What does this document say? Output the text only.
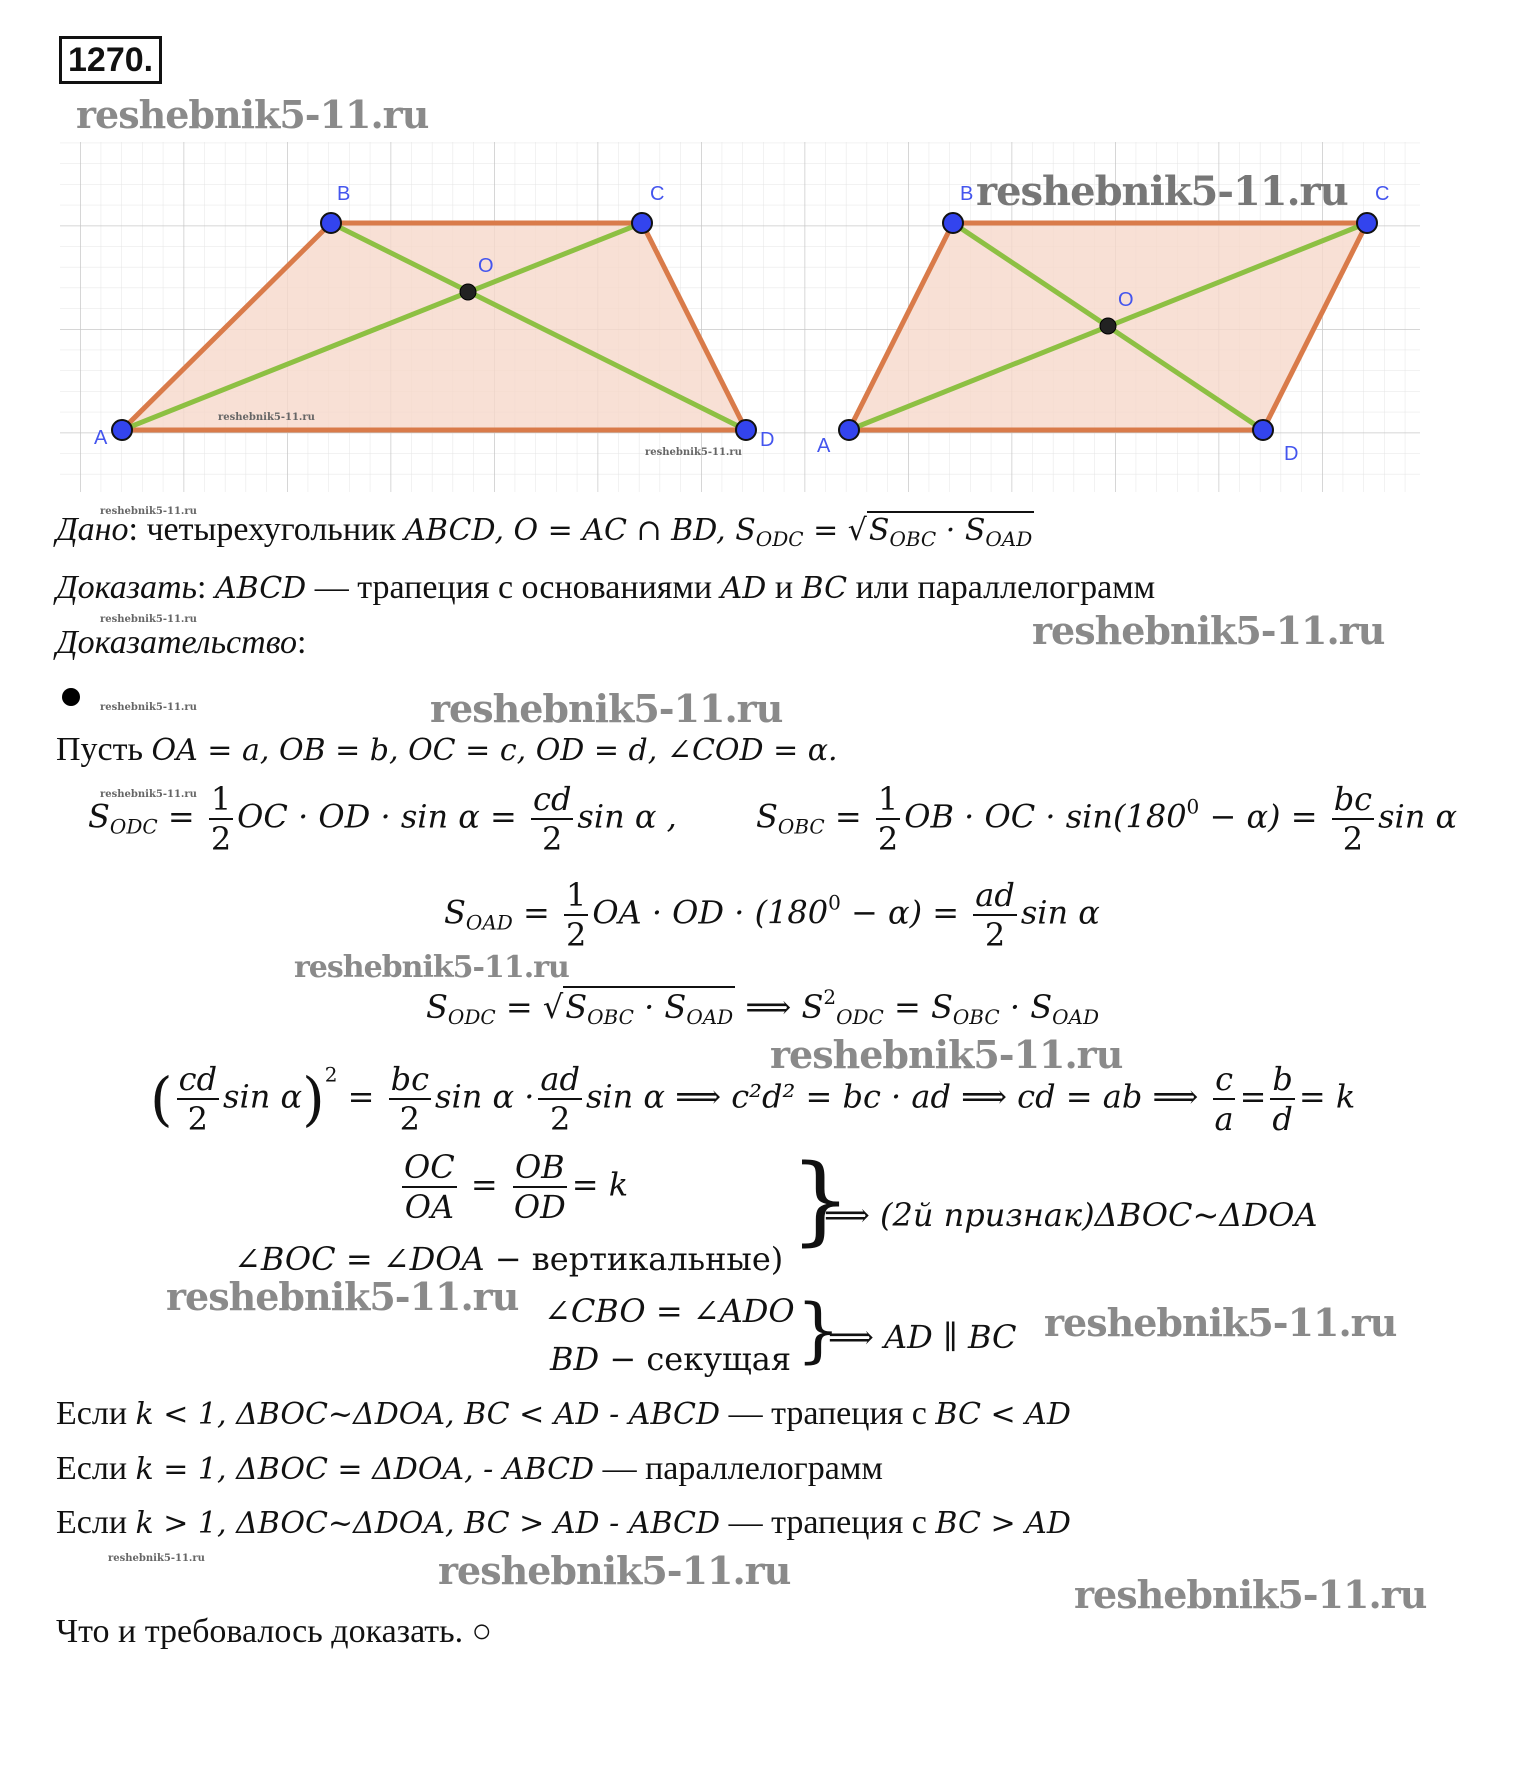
1270.
reshebnik5-11.ru
A
B	C
D
O
A
B	C
D
O
reshebnik5-11.ru
reshebnik5-11.ru
reshebnik5-11.ru
reshebnik5-11.ru
Дано: четырехугольник ABCD, O = AC ∩ BD, $S_{ODC} = √S_{OBC} \cdot S_{OAD}$
Доказать: ABCD — трапеция с основаниями AD и BC или параллелограмм
reshebnik5-11.ru
Доказательство:	reshebnik5-11.ru
reshebnik5-11.ru	reshebnik5-11.ru
Пусть OA = a, OB = b, OC = c, OD = d, ∠COD = α.
reshebnik5-11.ru
$S_{ODC} = \frac{1}{2}$ OC · OD · $\sin \alpha = \frac{cd}{2}$ sin α , $S_{OBC} = \frac{1}{2}$ OB · OC · $\sin(180^0 - \alpha) = \frac{bc}{2}$ sin α
$S_{OAD} = \frac{1}{2}$ OA · OD · $(180^0 - \alpha) = \frac{ad}{2}$ sin α
reshebnik5-11.ru
$S_{ODC} = √S_{OBC} \cdot S_{OAD}$ ⟹ $S^2_{ODC} = S_{OBC} \cdot S_{OAD}$
reshebnik5-11.ru
( $\frac{cd}{2}$ $\sin \alpha)^2 = \frac{bc}{2}$ $\sin \alpha \cdot \frac{ad}{2}$ sin α ⟹ c²d² = bc · ad ⟹ cd = ab ⟹ $\frac{c}{a} = \frac{b}{d} = k$
$\frac{OC}{OA} = \frac{OB}{OD} = k$
∠BOC = ∠DOA − вертикальные)
}
⟹ (2й признак)ΔBOC~ΔDOA
reshebnik5-11.ru ∠CBO = ∠ADO
BD − секущая }
⟹ AD ∥ BC reshebnik5-11.ru
Если k < 1, ΔBOC~ΔDOA, BC < AD - ABCD — трапеция с BC < AD
Если k = 1, ΔBOC = ΔDOA, - ABCD — параллелограмм
Если k > 1, ΔBOC~ΔDOA, BC > AD - ABCD — трапеция с BC > AD
reshebnik5-11.ru	reshebnik5-11.ru
reshebnik5-11.ru
Что и требовалось доказать. ○
